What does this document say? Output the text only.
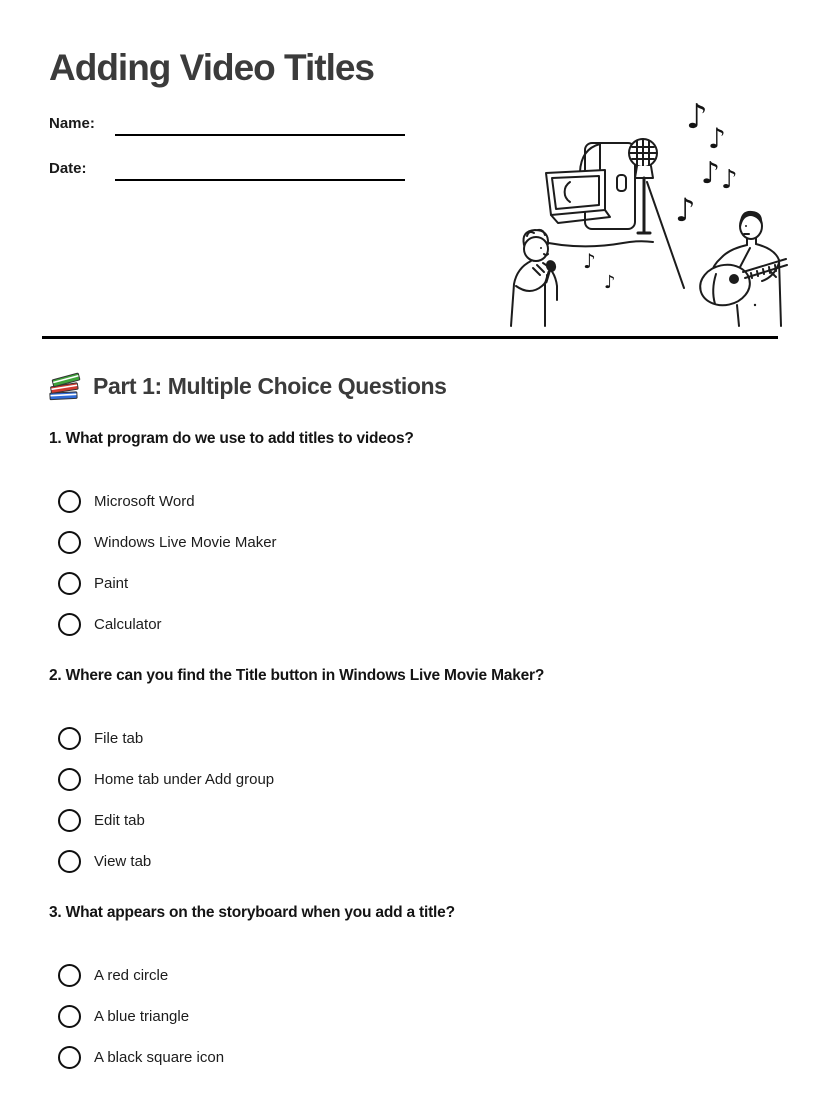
Adding Video Titles
Name:
Date:
Part 1: Multiple Choice Questions

1. What program do we use to add titles to videos?

Microsoft Word
Windows Live Movie Maker
Paint
Calculator

2. Where can you find the Title button in Windows Live Movie Maker?

File tab
Home tab under Add group
Edit tab
View tab

3. What appears on the storyboard when you add a title?

A red circle
A blue triangle
A black square icon
♪
♪
♪ ♪
♪
♪
♪
